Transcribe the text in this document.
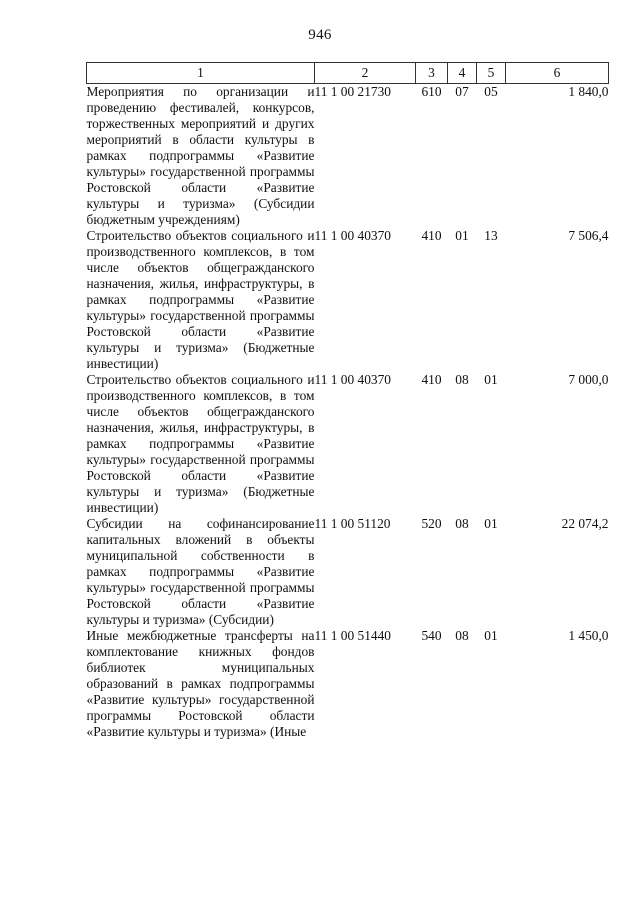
946
1	2	3	4	5	6
Мероприятия по организации и проведению фестивалей, конкурсов, торжественных мероприятий и других мероприятий в области культуры в рамках подпрограммы «Развитие культуры» государственной программы Ростовской области «Развитие культуры и туризма» (Субсидии бюджетным учреждениям)	11 1 00 21730	610	07	05	1 840,0
Строительство объектов социального и производственного комплексов, в том числе объектов общегражданского назначения, жилья, инфраструктуры, в рамках подпрограммы «Развитие культуры» государственной программы Ростовской области «Развитие культуры и туризма» (Бюджетные инвестиции)	11 1 00 40370	410	01	13	7 506,4
Строительство объектов социального и производственного комплексов, в том числе объектов общегражданского назначения, жилья, инфраструктуры, в рамках подпрограммы «Развитие культуры» государственной программы Ростовской области «Развитие культуры и туризма» (Бюджетные инвестиции)	11 1 00 40370	410	08	01	7 000,0
Субсидии на софинансирование капитальных вложений в объекты муниципальной собственности в рамках подпрограммы «Развитие культуры» государственной программы Ростовской области «Развитие культуры и туризма» (Субсидии)	11 1 00 51120	520	08	01	22 074,2
Иные межбюджетные трансферты на комплектование книжных фондов библиотек муниципальных образований в рамках подпрограммы «Развитие культуры» государственной программы Ростовской области «Развитие культуры и туризма» (Иные	11 1 00 51440	540	08	01	1 450,0
